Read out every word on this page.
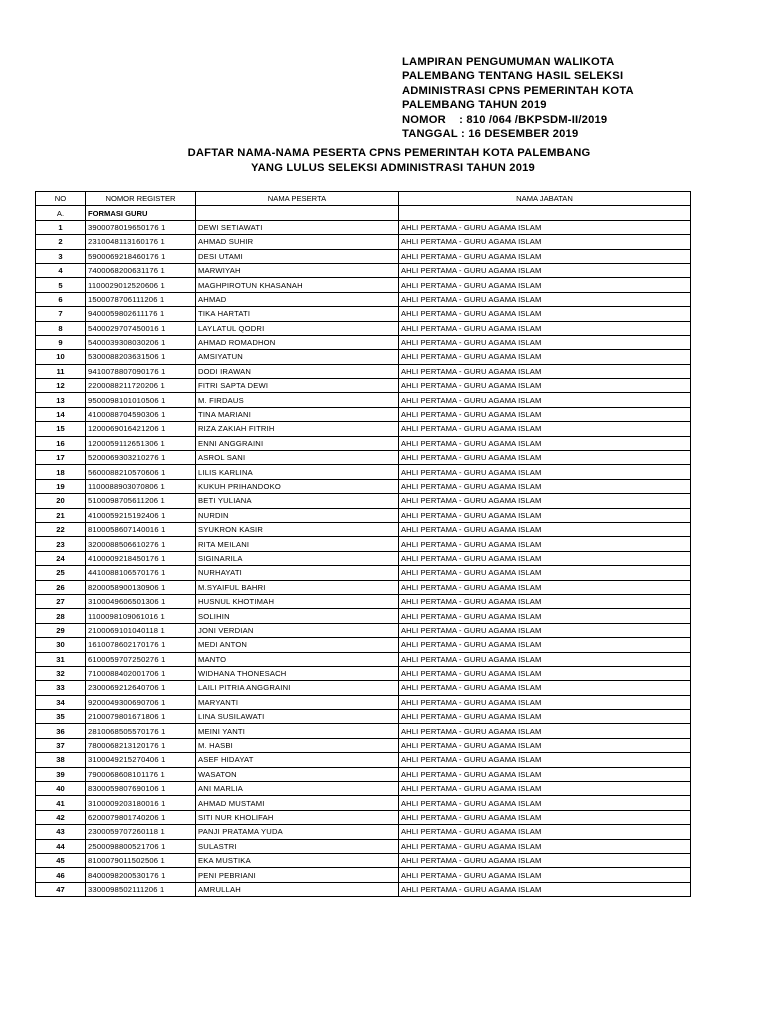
LAMPIRAN PENGUMUMAN WALIKOTA
PALEMBANG TENTANG HASIL SELEKSI
ADMINISTRASI CPNS PEMERINTAH KOTA
PALEMBANG TAHUN 2019
NOMOR    : 810 /064 /BKPSDM-II/2019
TANGGAL : 16 DESEMBER 2019
DAFTAR NAMA-NAMA PESERTA CPNS PEMERINTAH KOTA PALEMBANG
YANG LULUS SELEKSI ADMINISTRASI TAHUN 2019
NO	NOMOR REGISTER	NAMA PESERTA	NAMA JABATAN
A.	FORMASI GURU		
1	3900078019650176 1	DEWI SETIAWATI	AHLI PERTAMA - GURU AGAMA ISLAM
2	2310048113160176 1	AHMAD SUHIR	AHLI PERTAMA - GURU AGAMA ISLAM
3	5900069218460176 1	DESI UTAMI	AHLI PERTAMA - GURU AGAMA ISLAM
4	7400068200631176 1	MARWIYAH	AHLI PERTAMA - GURU AGAMA ISLAM
5	1100029012520606 1	MAGHPIROTUN KHASANAH	AHLI PERTAMA - GURU AGAMA ISLAM
6	1500078706111206 1	AHMAD	AHLI PERTAMA - GURU AGAMA ISLAM
7	9400059802611176 1	TIKA HARTATI	AHLI PERTAMA - GURU AGAMA ISLAM
8	5400029707450016 1	LAYLATUL QODRI	AHLI PERTAMA - GURU AGAMA ISLAM
9	5400039308030206 1	AHMAD ROMADHON	AHLI PERTAMA - GURU AGAMA ISLAM
10	5300088203631506 1	AMSIYATUN	AHLI PERTAMA - GURU AGAMA ISLAM
11	9410078807090176 1	DODI IRAWAN	AHLI PERTAMA - GURU AGAMA ISLAM
12	2200088211720206 1	FITRI SAPTA DEWI	AHLI PERTAMA - GURU AGAMA ISLAM
13	9500098101010506 1	M. FIRDAUS	AHLI PERTAMA - GURU AGAMA ISLAM
14	4100088704590306 1	TINA MARIANI	AHLI PERTAMA - GURU AGAMA ISLAM
15	1200069016421206 1	RIZA ZAKIAH FITRIH	AHLI PERTAMA - GURU AGAMA ISLAM
16	1200059112651306 1	ENNI ANGGRAINI	AHLI PERTAMA - GURU AGAMA ISLAM
17	5200069303210276 1	ASROL SANI	AHLI PERTAMA - GURU AGAMA ISLAM
18	5600088210570606 1	LILIS KARLINA	AHLI PERTAMA - GURU AGAMA ISLAM
19	1100088903070806 1	KUKUH PRIHANDOKO	AHLI PERTAMA - GURU AGAMA ISLAM
20	5100098705611206 1	BETI YULIANA	AHLI PERTAMA - GURU AGAMA ISLAM
21	4100059215192406 1	NURDIN	AHLI PERTAMA - GURU AGAMA ISLAM
22	8100058607140016 1	SYUKRON KASIR	AHLI PERTAMA - GURU AGAMA ISLAM
23	3200088506610276 1	RITA MEILANI	AHLI PERTAMA - GURU AGAMA ISLAM
24	4100009218450176 1	SIGINARILA	AHLI PERTAMA - GURU AGAMA ISLAM
25	4410088106570176 1	NURHAYATI	AHLI PERTAMA - GURU AGAMA ISLAM
26	8200058900130906 1	M.SYAIFUL BAHRI	AHLI PERTAMA - GURU AGAMA ISLAM
27	3100049606501306 1	HUSNUL KHOTIMAH	AHLI PERTAMA - GURU AGAMA ISLAM
28	1100098109061016 1	SOLIHIN	AHLI PERTAMA - GURU AGAMA ISLAM
29	2100069101040118 1	JONI VERDIAN	AHLI PERTAMA - GURU AGAMA ISLAM
30	1610078602170176 1	MEDI ANTON	AHLI PERTAMA - GURU AGAMA ISLAM
31	6100059707250276 1	MANTO	AHLI PERTAMA - GURU AGAMA ISLAM
32	7100088402001706 1	WIDHANA THONESACH	AHLI PERTAMA - GURU AGAMA ISLAM
33	2300069212640706 1	LAILI PITRIA ANGGRAINI	AHLI PERTAMA - GURU AGAMA ISLAM
34	9200049300690706 1	MARYANTI	AHLI PERTAMA - GURU AGAMA ISLAM
35	2100079801671806 1	LINA SUSILAWATI	AHLI PERTAMA - GURU AGAMA ISLAM
36	2810068505570176 1	MEINI YANTI	AHLI PERTAMA - GURU AGAMA ISLAM
37	7800068213120176 1	M. HASBI	AHLI PERTAMA - GURU AGAMA ISLAM
38	3100049215270406 1	ASEF HIDAYAT	AHLI PERTAMA - GURU AGAMA ISLAM
39	7900068608101176 1	WASATON	AHLI PERTAMA - GURU AGAMA ISLAM
40	8300059807690106 1	ANI MARLIA	AHLI PERTAMA - GURU AGAMA ISLAM
41	3100009203180016 1	AHMAD MUSTAMI	AHLI PERTAMA - GURU AGAMA ISLAM
42	6200079801740206 1	SITI NUR KHOLIFAH	AHLI PERTAMA - GURU AGAMA ISLAM
43	2300059707260118 1	PANJI PRATAMA YUDA	AHLI PERTAMA - GURU AGAMA ISLAM
44	2500098800521706 1	SULASTRI	AHLI PERTAMA - GURU AGAMA ISLAM
45	8100079011502506 1	EKA MUSTIKA	AHLI PERTAMA - GURU AGAMA ISLAM
46	8400098200530176 1	PENI PEBRIANI	AHLI PERTAMA - GURU AGAMA ISLAM
47	3300098502111206 1	AMRULLAH	AHLI PERTAMA - GURU AGAMA ISLAM
